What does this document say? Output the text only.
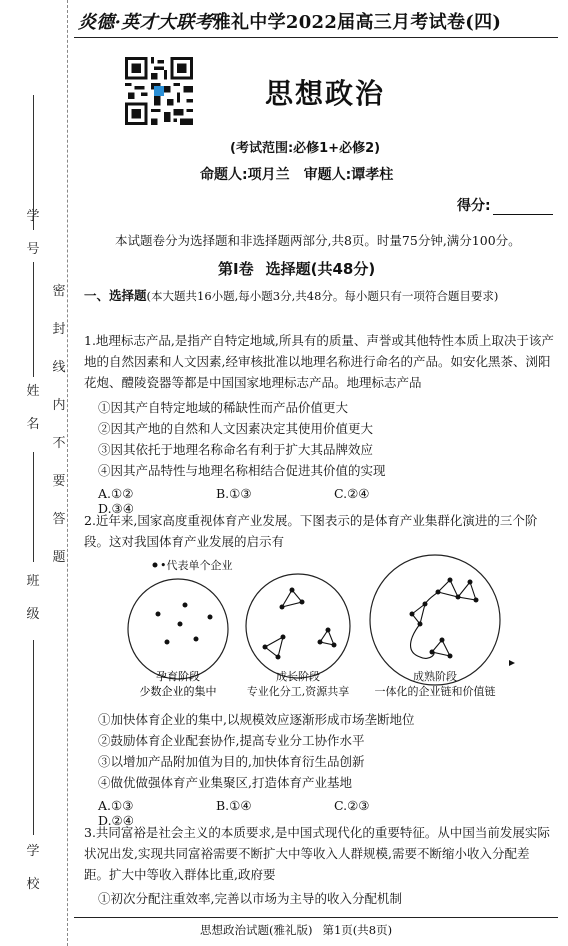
学
号
姓
名
班
级
学
校
密
封
线
内
不
要
答
题
炎德·英才大联考雅礼中学2022届高三月考试卷(四)
思想政治
(考试范围:必修1+必修2)
命题人:项月兰 审题人:谭孝柱
得分:
本试题卷分为选择题和非选择题两部分,共8页。时量75分钟,满分100分。
第Ⅰ卷 选择题(共48分)
一、选择题(本大题共16小题,每小题3分,共48分。每小题只有一项符合题目要求)
1.地理标志产品,是指产自特定地域,所具有的质量、声誉或其他特性本质上取决于该产地的自然因素和人文因素,经审核批准以地理名称进行命名的产品。如安化黑茶、浏阳花炮、醴陵瓷器等都是中国国家地理标志产品。地理标志产品
①因其产自特定地域的稀缺性而产品价值更大
②因其产地的自然和人文因素决定其使用价值更大
③因其依托于地理名称命名有利于扩大其品牌效应
④因其产品特性与地理名称相结合促进其价值的实现
A.①②	B.①③	C.②④D.③④
2.近年来,国家高度重视体育产业发展。下图表示的是体育产业集群化演进的三个阶段。这对我国体育产业发展的启示有
•代表单个企业
孕育阶段
少数企业的集中
成长阶段
专业化分工,资源共享
成熟阶段
一体化的企业链和价值链
①加快体育企业的集中,以规模效应逐渐形成市场垄断地位
②鼓励体育企业配套协作,提高专业分工协作水平
③以增加产品附加值为目的,加快体育衍生品创新
④做优做强体育产业集聚区,打造体育产业基地
A.①③	B.①④	C.②③D.②④
3.共同富裕是社会主义的本质要求,是中国式现代化的重要特征。从中国当前发展实际状况出发,实现共同富裕需要不断扩大中等收入人群规模,需要不断缩小收入分配差距。扩大中等收入群体比重,政府要
①初次分配注重效率,完善以市场为主导的收入分配机制
思想政治试题(雅礼版) 第1页(共8页)
